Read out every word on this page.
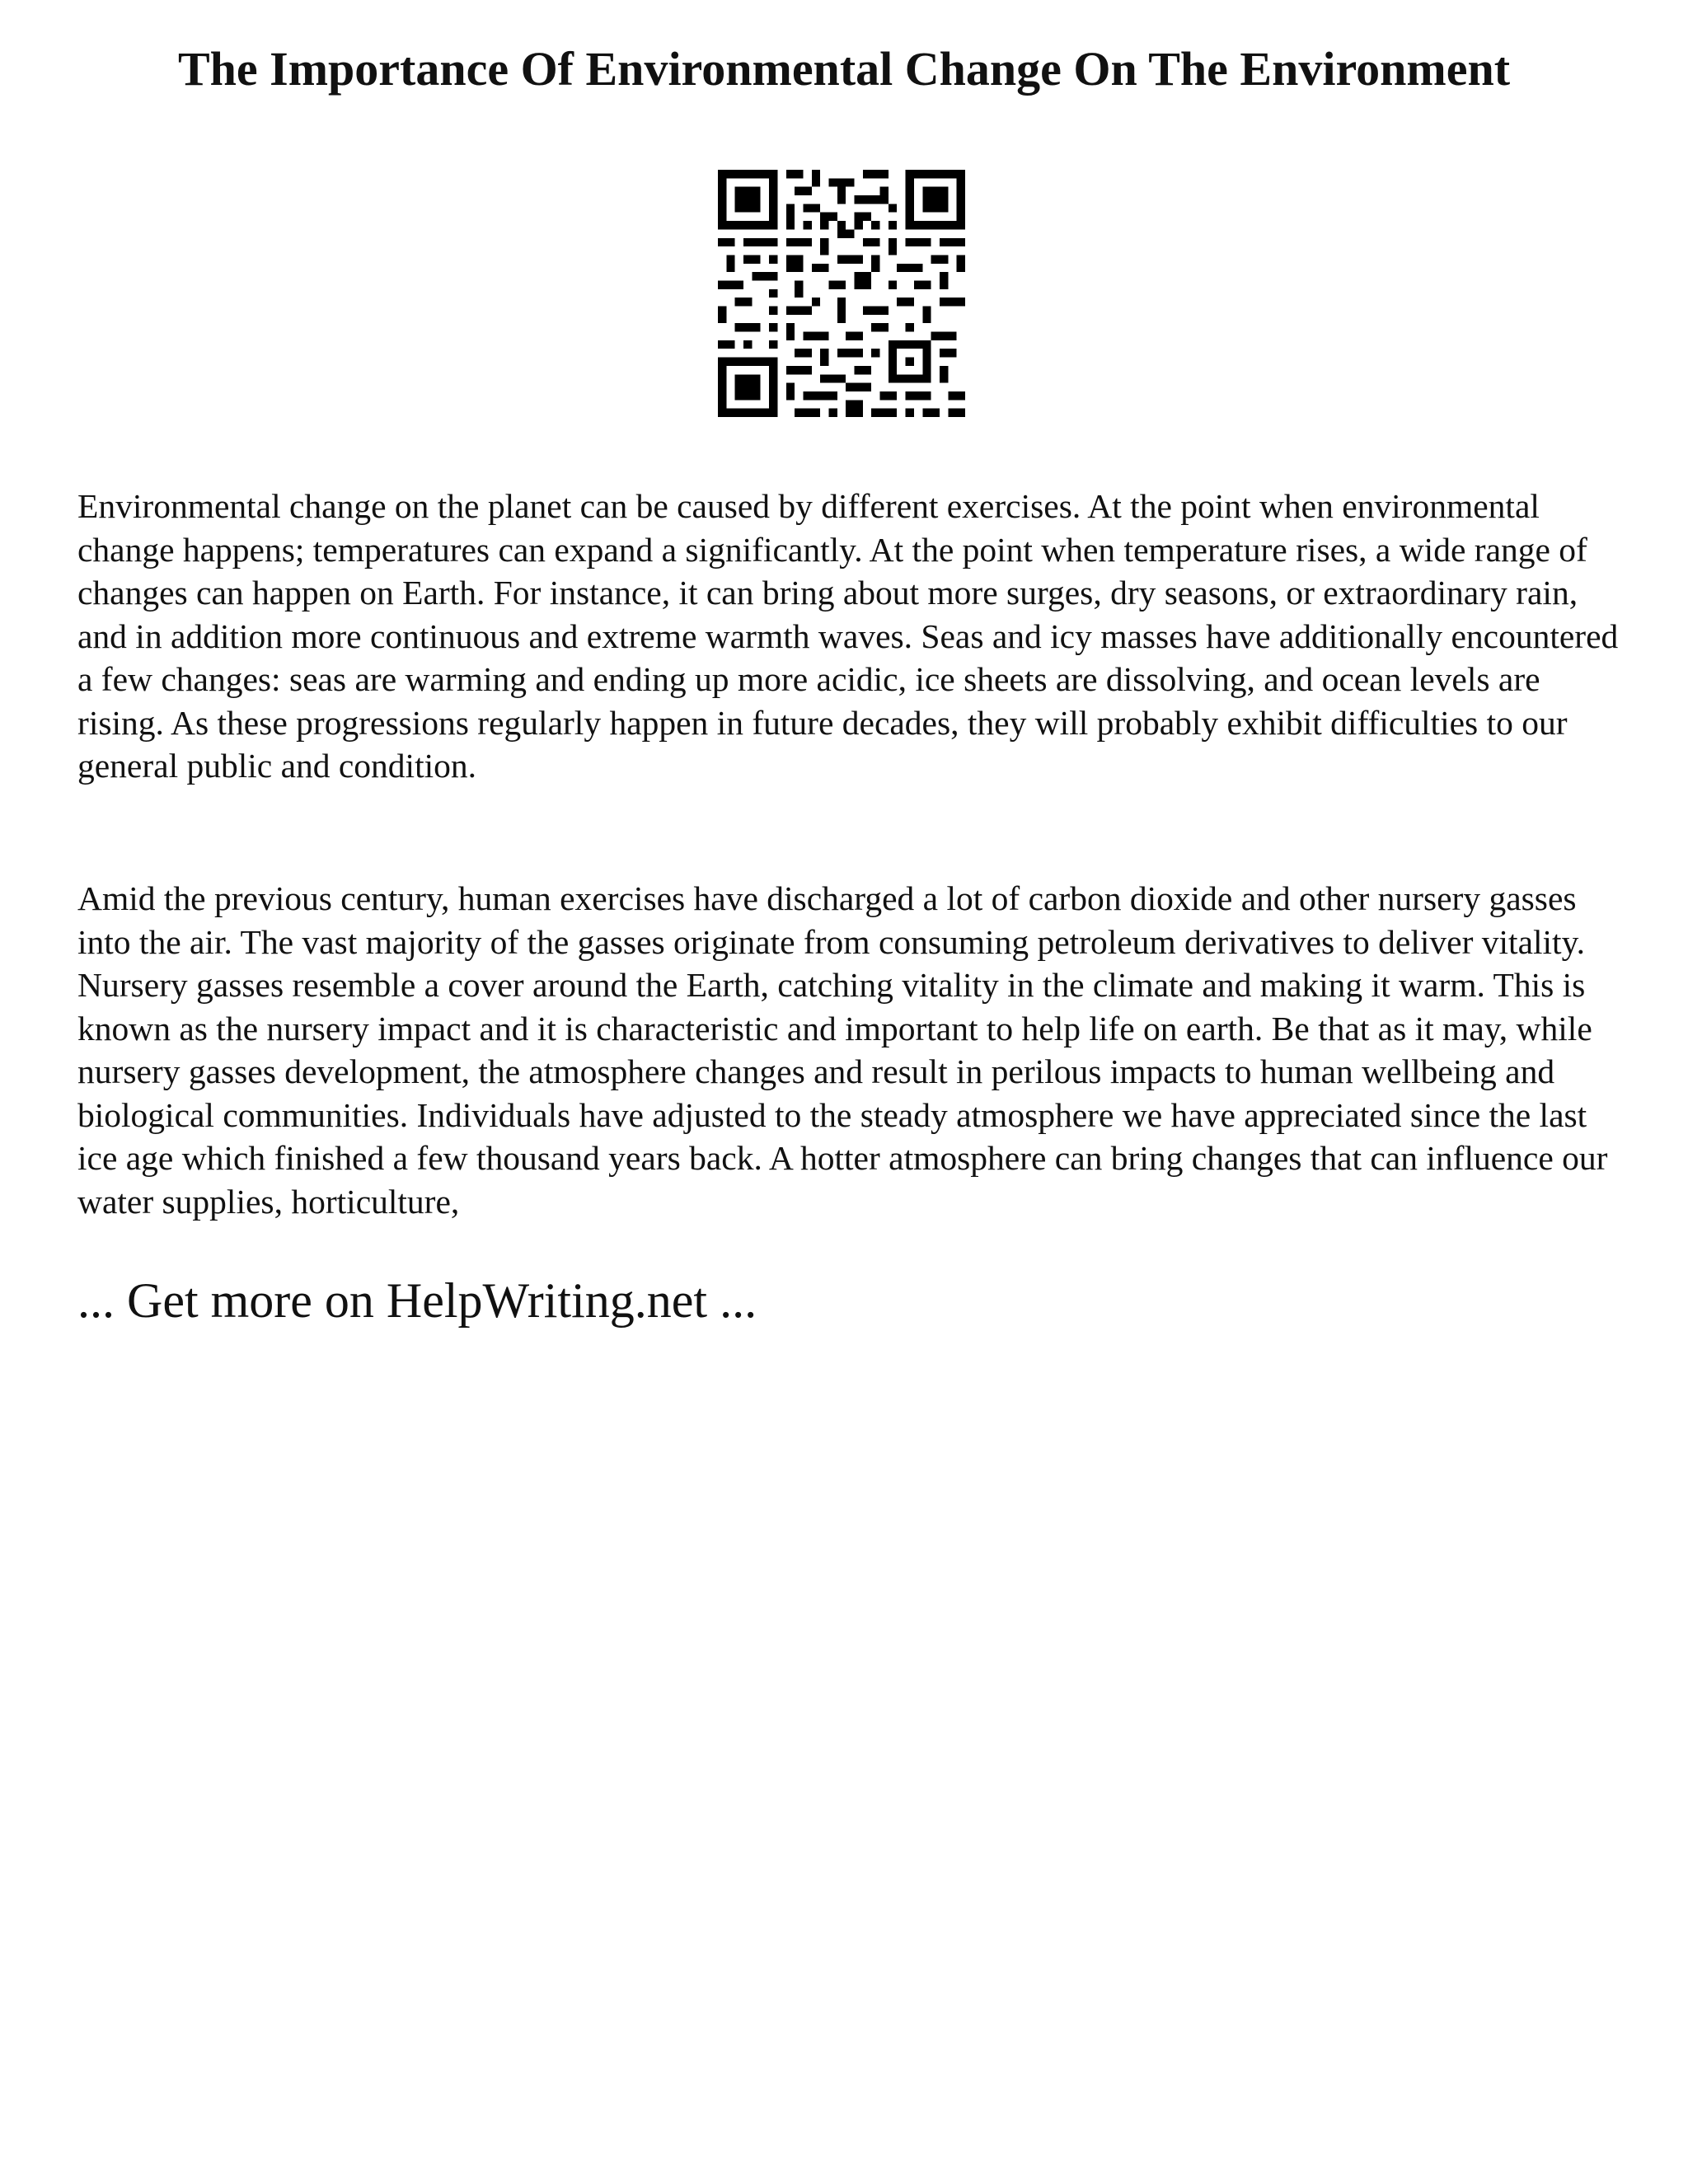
The Importance Of Environmental Change On The Environment

Environmental change on the planet can be caused by different exercises. At the point when environmental change happens; temperatures can expand a significantly. At the point when temperature rises, a wide range of changes can happen on Earth. For instance, it can bring about more surges, dry seasons, or extraordinary rain, and in addition more continuous and extreme warmth waves. Seas and icy masses have additionally encountered a few changes: seas are warming and ending up more acidic, ice sheets are dissolving, and ocean levels are rising. As these progressions regularly happen in future decades, they will probably exhibit difficulties to our general public and condition.

Amid the previous century, human exercises have discharged a lot of carbon dioxide and other nursery gasses into the air. The vast majority of the gasses originate from consuming petroleum derivatives to deliver vitality. Nursery gasses resemble a cover around the Earth, catching vitality in the climate and making it warm. This is known as the nursery impact and it is characteristic and important to help life on earth. Be that as it may, while nursery gasses development, the atmosphere changes and result in perilous impacts to human wellbeing and biological communities. Individuals have adjusted to the steady atmosphere we have appreciated since the last ice age which finished a few thousand years back. A hotter atmosphere can bring changes that can influence our water supplies, horticulture,

... Get more on HelpWriting.net ...
